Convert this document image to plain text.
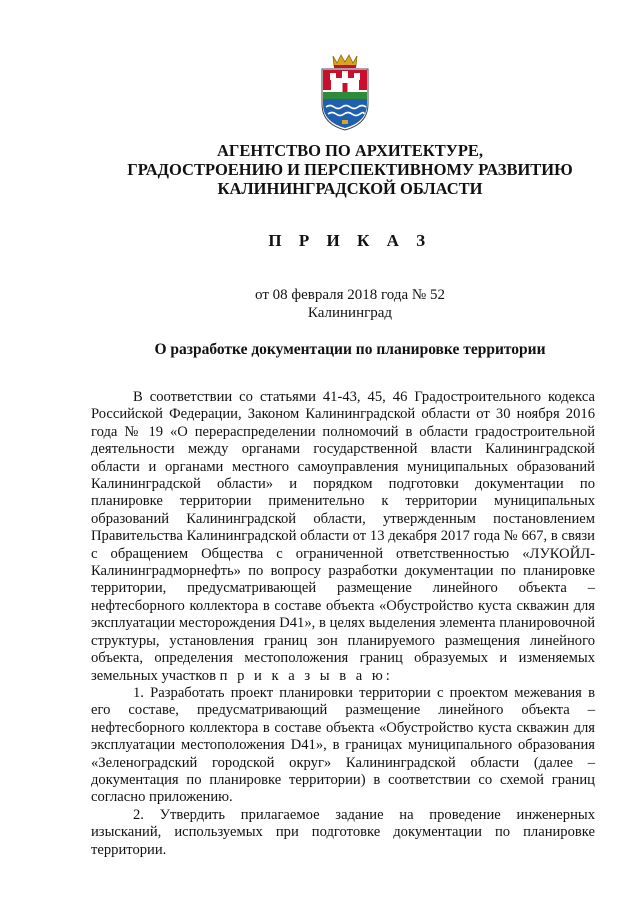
АГЕНТСТВО ПО АРХИТЕКТУРЕ,
ГРАДОСТРОЕНИЮ И ПЕРСПЕКТИВНОМУ РАЗВИТИЮ
КАЛИНИНГРАДСКОЙ ОБЛАСТИ
П Р И К А З
от 08 февраля 2018 года № 52
Калининград
О разработке документации по планировке территории

В соответствии со статьями 41-43, 45, 46 Градостроительного кодекса Российской Федерации, Законом Калининградской области от 30 ноября 2016 года № 19 «О перераспределении полномочий в области градостроительной деятельности между органами государственной власти Калининградской области и органами местного самоуправления муниципальных образований Калининградской области» и порядком подготовки документации по планировке территории применительно к территории муниципальных образований Калининградской области, утвержденным постановлением Правительства Калининградской области от 13 декабря 2017 года № 667, в связи с обращением Общества с ограниченной ответственностью «ЛУКОЙЛ-Калининградморнефть» по вопросу разработки документации по планировке территории, предусматривающей размещение линейного объекта – нефтесборного коллектора в составе объекта «Обустройство куста скважин для эксплуатации месторождения D41», в целях выделения элемента планировочной структуры, установления границ зон планируемого размещения линейного объекта, определения местоположения границ образуемых и изменяемых земельных участков п р и к а з ы в а ю:

1. Разработать проект планировки территории с проектом межевания в его составе, предусматривающий размещение линейного объекта – нефтесборного коллектора в составе объекта «Обустройство куста скважин для эксплуатации местоположения D41», в границах муниципального образования «Зеленоградский городской округ» Калининградской области (далее – документация по планировке территории) в соответствии со схемой границ согласно приложению.

2. Утвердить прилагаемое задание на проведение инженерных изысканий, используемых при подготовке документации по планировке территории.
